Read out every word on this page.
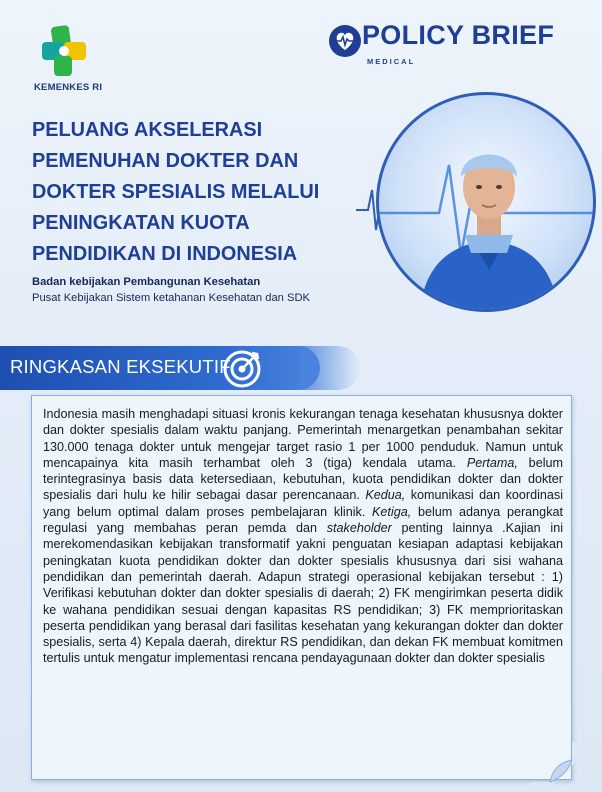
KEMENKES RI
POLICY BRIEF
MEDICAL
PELUANG AKSELERASI
PEMENUHAN DOKTER DAN
DOKTER SPESIALIS MELALUI
PENINGKATAN KUOTA
PENDIDIKAN DI INDONESIA
Badan kebijakan Pembangunan Kesehatan
Pusat Kebijakan Sistem ketahanan Kesehatan dan SDK
RINGKASAN EKSEKUTIF
Indonesia masih menghadapi situasi kronis kekurangan tenaga kesehatan khususnya dokter dan dokter spesialis dalam waktu panjang. Pemerintah menargetkan penambahan sekitar 130.000 tenaga dokter untuk mengejar target rasio 1 per 1000 penduduk. Namun untuk mencapainya kita masih terhambat oleh 3 (tiga) kendala utama. Pertama, belum terintegrasinya basis data ketersediaan, kebutuhan, kuota pendidikan dokter dan dokter spesialis dari hulu ke hilir sebagai dasar perencanaan. Kedua, komunikasi dan koordinasi yang belum optimal dalam proses pembelajaran klinik. Ketiga, belum adanya perangkat regulasi yang membahas peran pemda dan stakeholder penting lainnya .Kajian ini merekomendasikan kebijakan transformatif yakni penguatan kesiapan adaptasi kebijakan peningkatan kuota pendidikan dokter dan dokter spesialis khususnya dari sisi wahana pendidikan dan pemerintah daerah. Adapun strategi operasional kebijakan tersebut : 1) Verifikasi kebutuhan dokter dan dokter spesialis di daerah; 2) FK mengirimkan peserta didik ke wahana pendidikan sesuai dengan kapasitas RS pendidikan; 3) FK memprioritaskan peserta pendidikan yang berasal dari fasilitas kesehatan yang kekurangan dokter dan dokter spesialis, serta 4) Kepala daerah, direktur RS pendidikan, dan dekan FK membuat komitmen tertulis untuk mengatur implementasi rencana pendayagunaan dokter dan dokter spesialis
